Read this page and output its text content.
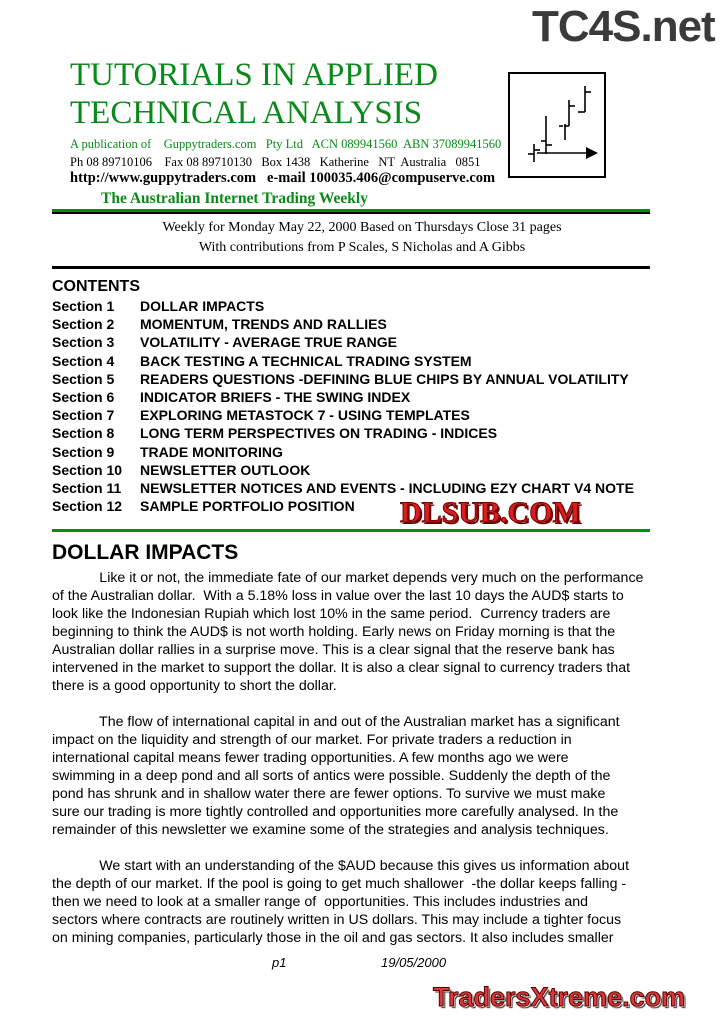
TUTORIALS IN APPLIED
TECHNICAL ANALYSIS
A publication of    Guppytraders.com   Pty Ltd ACN 089941560  ABN 37089941560
Ph 08 89710106    Fax 08 89710130   Box 1438   Katherine   NT  Australia   0851
http://www.guppytraders.com   e-mail 100035.406@compuserve.com
The Australian Internet Trading Weekly
Weekly for Monday May 22, 2000 Based on Thursdays Close 31 pages
With contributions from P Scales, S Nicholas and A Gibbs
CONTENTS
Section 1 DOLLAR IMPACTS
Section 2 MOMENTUM, TRENDS AND RALLIES
Section 3 VOLATILITY - AVERAGE TRUE RANGE
Section 4 BACK TESTING A TECHNICAL TRADING SYSTEM
Section 5 READERS QUESTIONS -DEFINING BLUE CHIPS BY ANNUAL VOLATILITY
Section 6 INDICATOR BRIEFS - THE SWING INDEX
Section 7 EXPLORING METASTOCK 7 - USING TEMPLATES
Section 8 LONG TERM PERSPECTIVES ON TRADING - INDICES
Section 9 TRADE MONITORING
Section 10 NEWSLETTER OUTLOOK
Section 11 NEWSLETTER NOTICES AND EVENTS - INCLUDING EZY CHART V4 NOTE
Section 12 SAMPLE PORTFOLIO POSITION
DOLLAR IMPACTS
Like it or not, the immediate fate of our market depends very much on the performance
of the Australian dollar.  With a 5.18% loss in value over the last 10 days the AUD$ starts to
look like the Indonesian Rupiah which lost 10% in the same period.  Currency traders are
beginning to think the AUD$ is not worth holding. Early news on Friday morning is that the
Australian dollar rallies in a surprise move. This is a clear signal that the reserve bank has
intervened in the market to support the dollar. It is also a clear signal to currency traders that
there is a good opportunity to short the dollar.
The flow of international capital in and out of the Australian market has a significant
impact on the liquidity and strength of our market. For private traders a reduction in
international capital means fewer trading opportunities. A few months ago we were
swimming in a deep pond and all sorts of antics were possible. Suddenly the depth of the
pond has shrunk and in shallow water there are fewer options. To survive we must make
sure our trading is more tightly controlled and opportunities more carefully analysed. In the
remainder of this newsletter we examine some of the strategies and analysis techniques.
We start with an understanding of the $AUD because this gives us information about
the depth of our market. If the pool is going to get much shallower  -the dollar keeps falling -
then we need to look at a smaller range of  opportunities. This includes industries and
sectors where contracts are routinely written in US dollars. This may include a tighter focus
on mining companies, particularly those in the oil and gas sectors. It also includes smaller
p1	19/05/2000
TC4S.net
DLSUB.COM
TradersXtreme.com
